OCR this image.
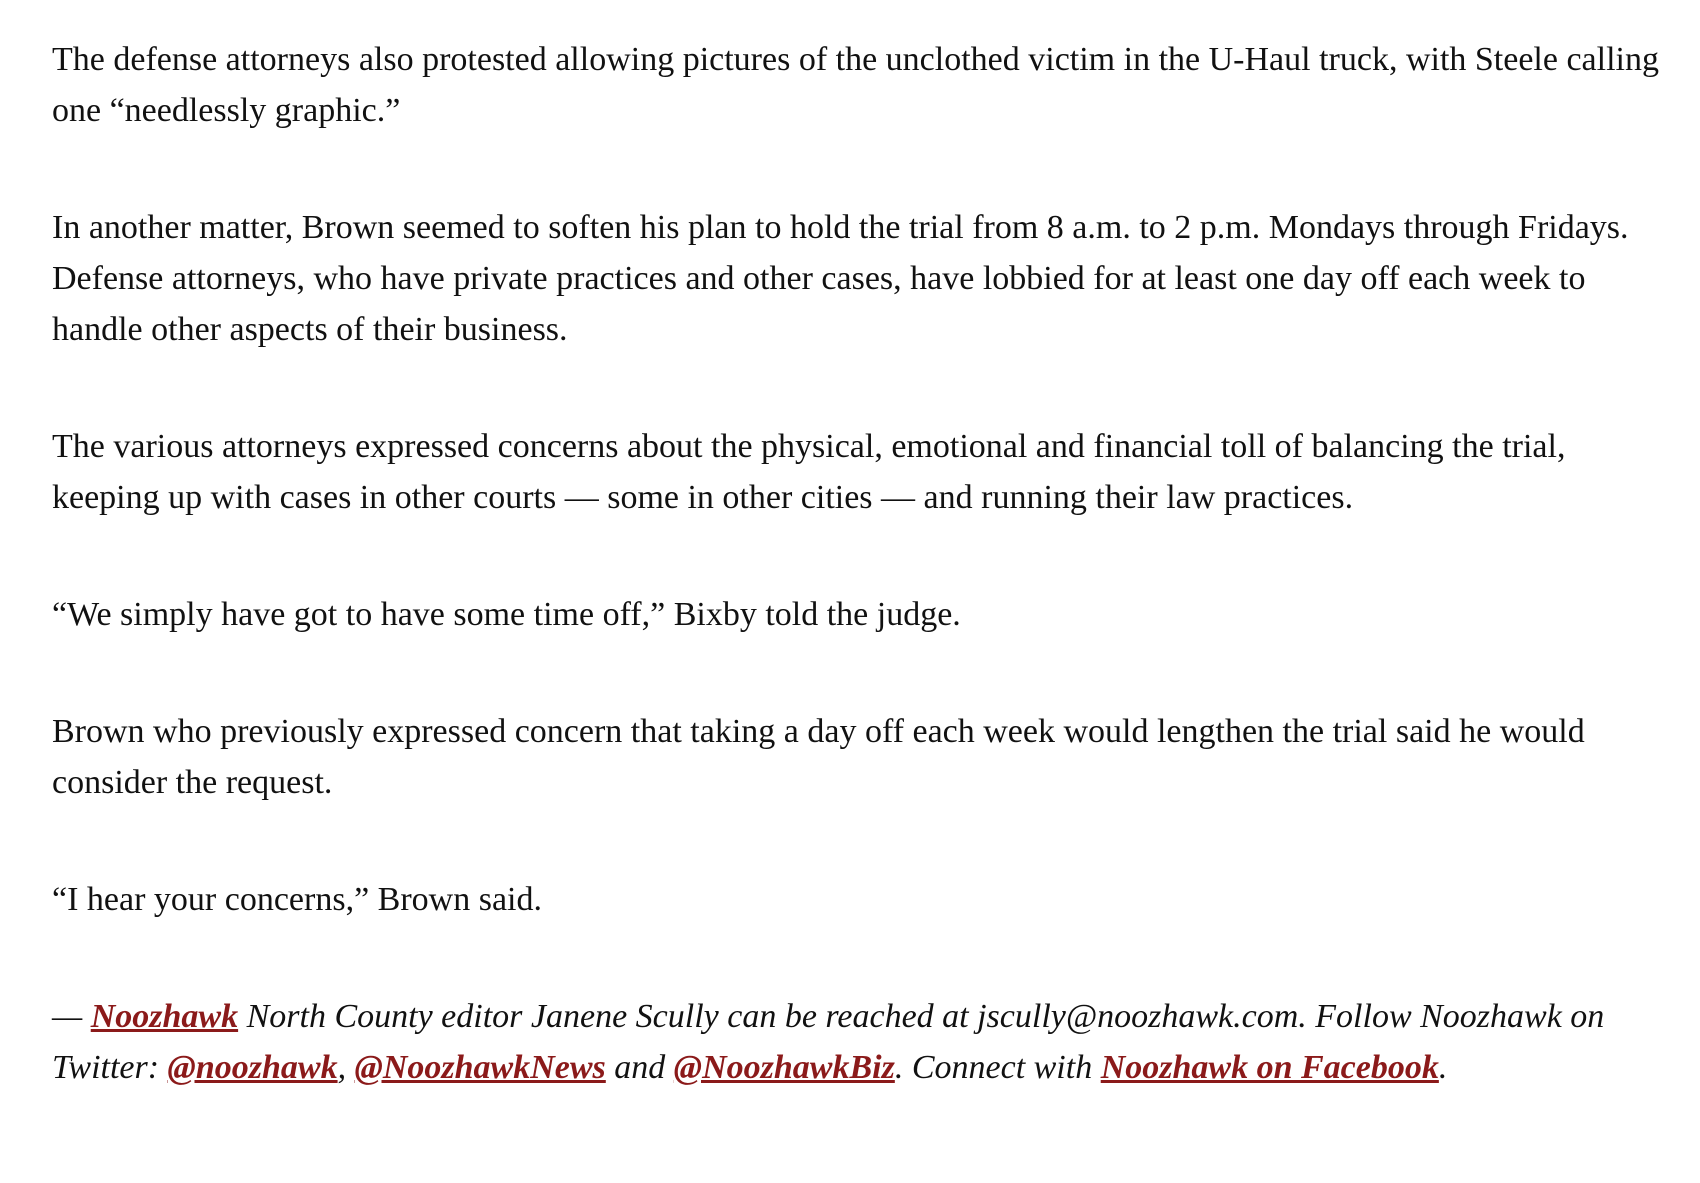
The defense attorneys also protested allowing pictures of the unclothed victim in the U-Haul truck, with Steele calling one “needlessly graphic.”

In another matter, Brown seemed to soften his plan to hold the trial from 8 a.m. to 2 p.m. Mondays through Fridays. Defense attorneys, who have private practices and other cases, have lobbied for at least one day off each week to handle other aspects of their business.

The various attorneys expressed concerns about the physical, emotional and financial toll of balancing the trial, keeping up with cases in other courts — some in other cities — and running their law practices.

“We simply have got to have some time off,” Bixby told the judge.

Brown who previously expressed concern that taking a day off each week would lengthen the trial said he would consider the request.

“I hear your concerns,” Brown said.

— Noozhawk North County editor Janene Scully can be reached at jscully@noozhawk.com. Follow Noozhawk on Twitter: @noozhawk, @NoozhawkNews and @NoozhawkBiz. Connect with Noozhawk on Facebook.
